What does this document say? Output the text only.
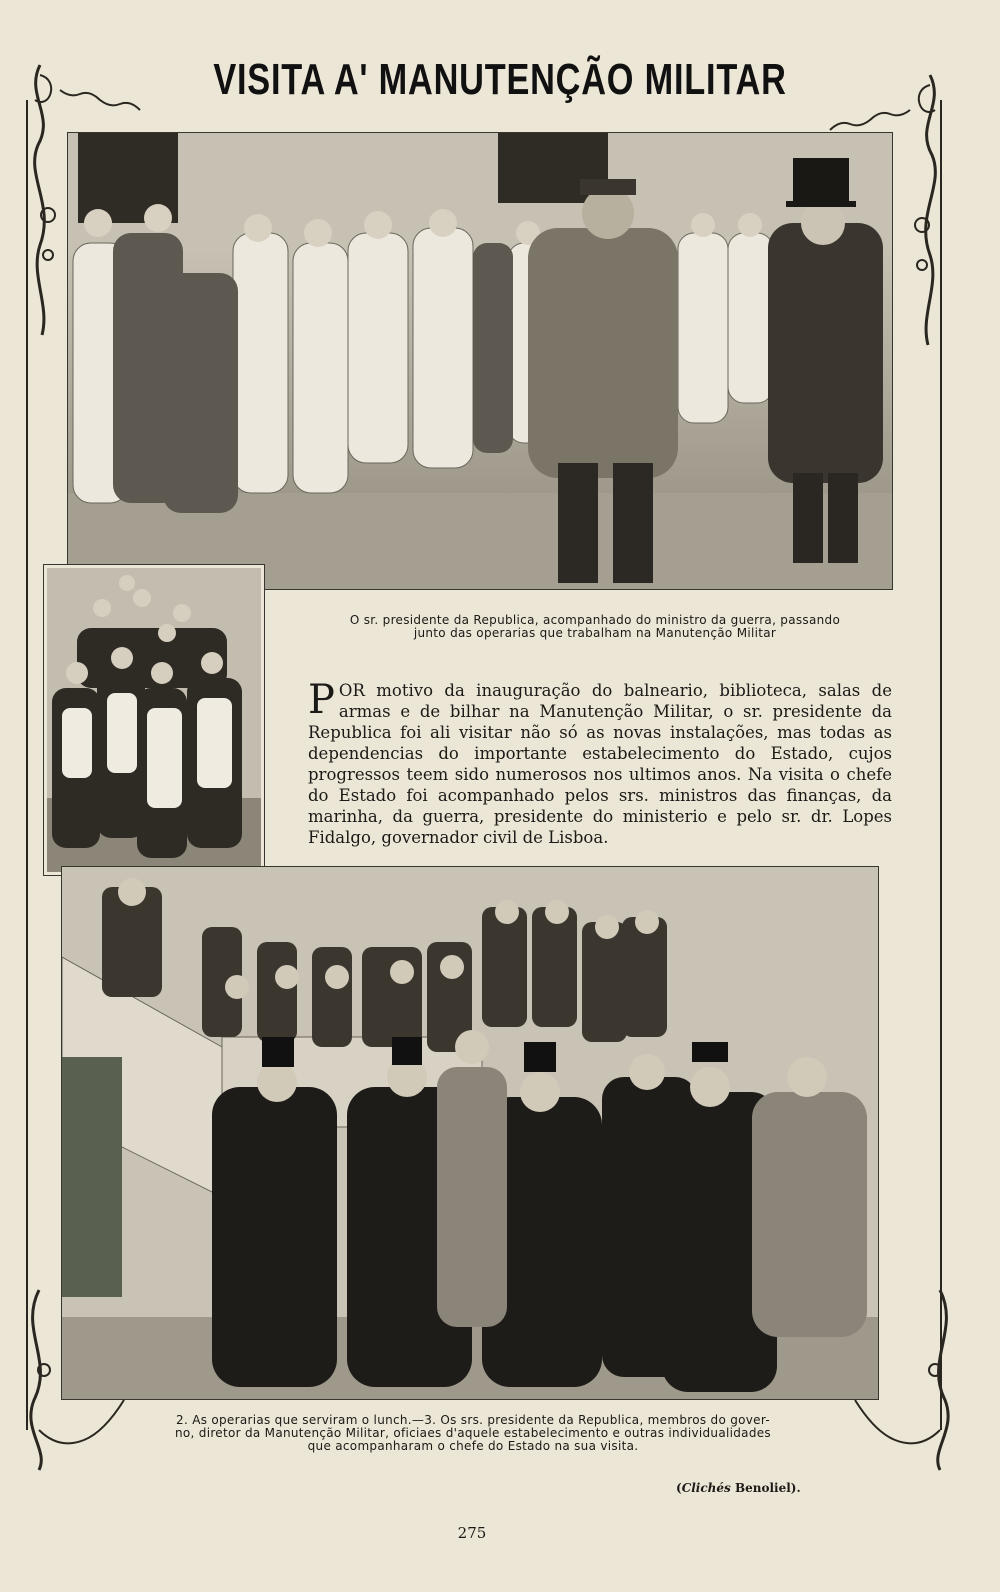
VISITA A' MANUTENÇÃO MILITAR
O sr. presidente da Republica, acompanhado do ministro da guerra, passando
junto das operarias que trabalham na Manutenção Militar
POR motivo da inauguração do balneario, biblioteca, salas de armas e de bilhar na Manutenção Militar, o sr. presidente da Republica foi ali visitar não só as novas instalações, mas todas as dependencias do importante estabelecimento do Estado, cujos progressos teem sido numerosos nos ultimos anos. Na visita o chefe do Estado foi acompanhado pelos srs. ministros das finanças, da marinha, da guerra, presidente do ministerio e pelo sr. dr. Lopes Fidalgo, governador civil de Lisboa.
2. As operarias que serviram o lunch.—3. Os srs. presidente da Republica, membros do gover-
no, diretor da Manutenção Militar, oficiaes d'aquele estabelecimento e outras individualidades
que acompanharam o chefe do Estado na sua visita.
(Clichés Benoliel).
275
